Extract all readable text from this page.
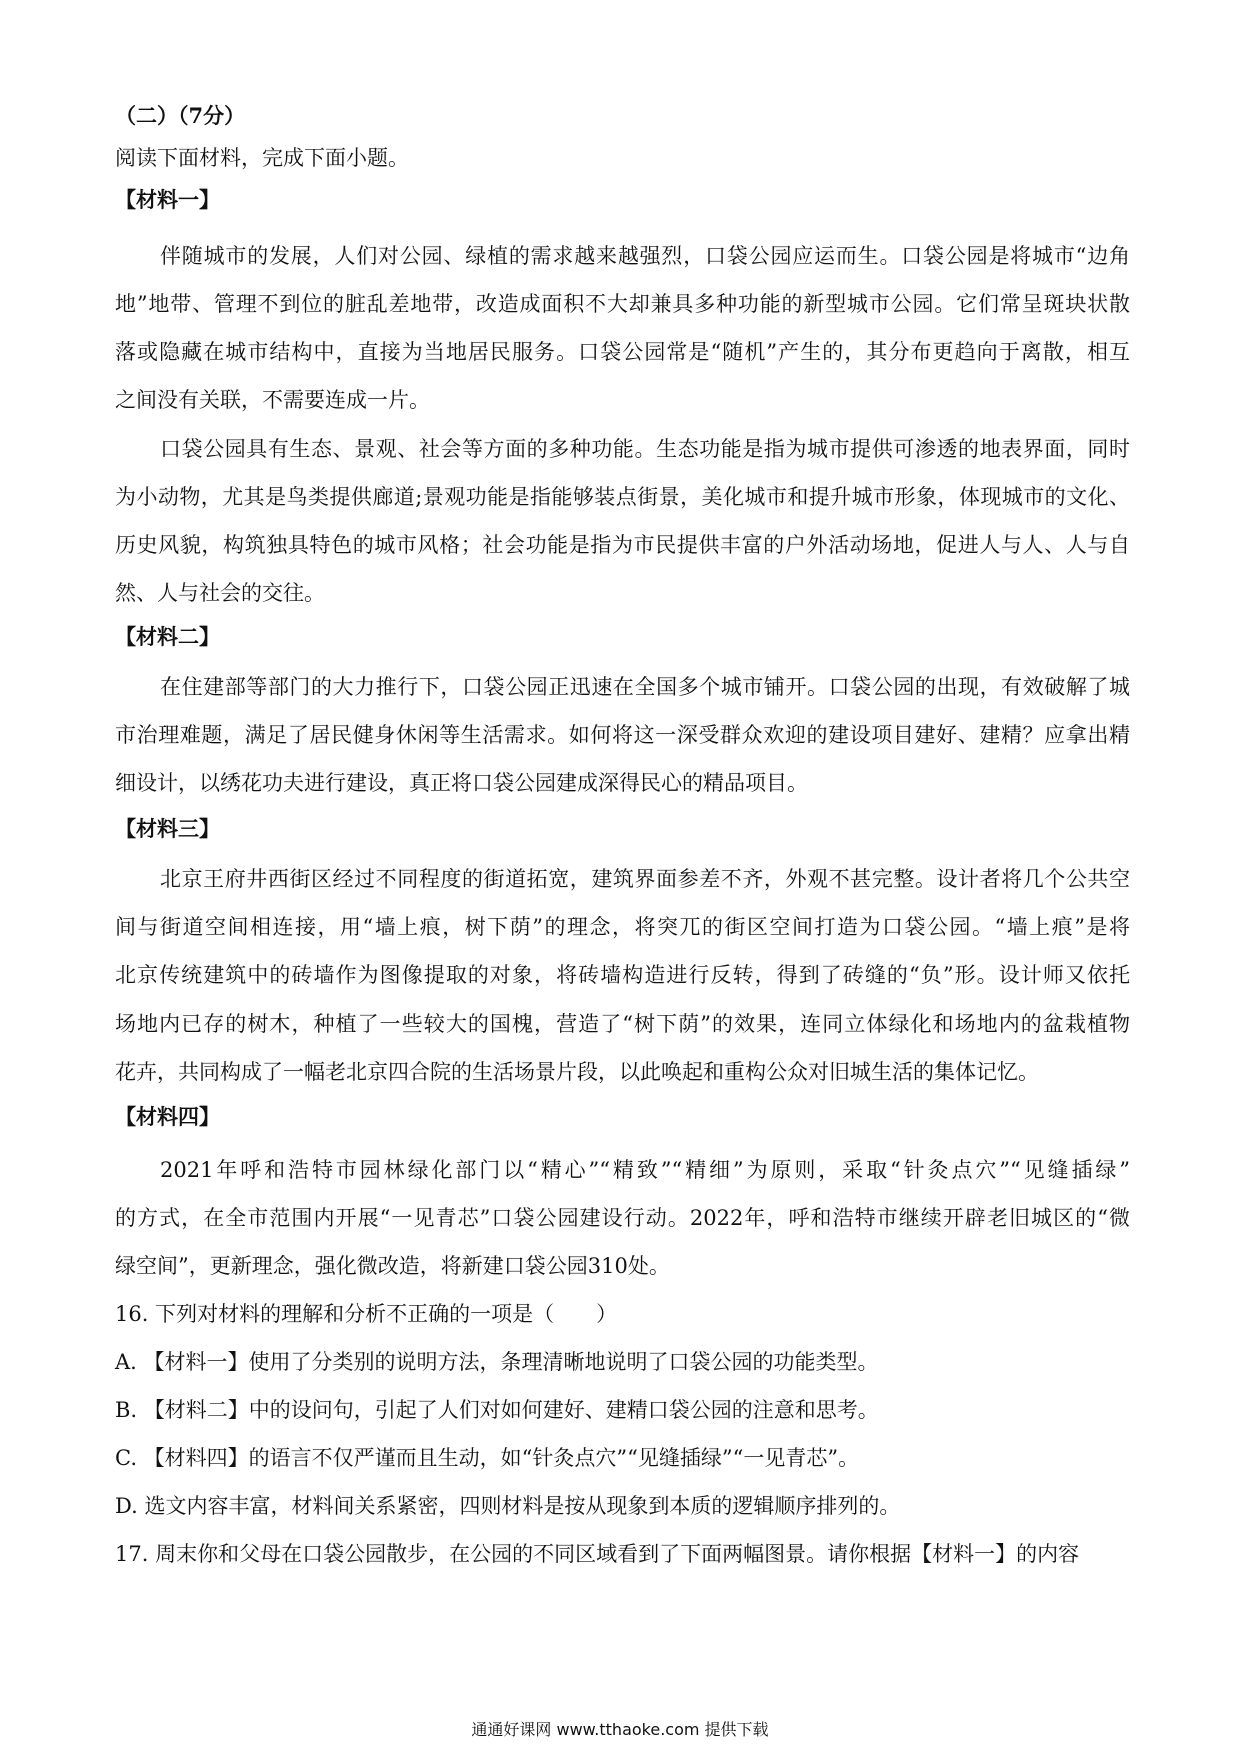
（二）（7分）
阅读下面材料，完成下面小题。
【材料一】
伴随城市的发展，人们对公园、绿植的需求越来越强烈，口袋公园应运而生。口袋公园是将城市“边角
地”地带、管理不到位的脏乱差地带，改造成面积不大却兼具多种功能的新型城市公园。它们常呈斑块状散
落或隐藏在城市结构中，直接为当地居民服务。口袋公园常是“随机”产生的，其分布更趋向于离散，相互
之间没有关联，不需要连成一片。
口袋公园具有生态、景观、社会等方面的多种功能。生态功能是指为城市提供可渗透的地表界面，同时
为小动物，尤其是鸟类提供廊道;景观功能是指能够装点街景，美化城市和提升城市形象，体现城市的文化、
历史风貌，构筑独具特色的城市风格；社会功能是指为市民提供丰富的户外活动场地，促进人与人、人与自
然、人与社会的交往。
【材料二】
在住建部等部门的大力推行下，口袋公园正迅速在全国多个城市铺开。口袋公园的出现，有效破解了城
市治理难题，满足了居民健身休闲等生活需求。如何将这一深受群众欢迎的建设项目建好、建精？应拿出精
细设计，以绣花功夫进行建设，真正将口袋公园建成深得民心的精品项目。
【材料三】
北京王府井西街区经过不同程度的街道拓宽，建筑界面参差不齐，外观不甚完整。设计者将几个公共空
间与街道空间相连接，用“墙上痕，树下荫”的理念，将突兀的街区空间打造为口袋公园。“墙上痕”是将
北京传统建筑中的砖墙作为图像提取的对象，将砖墙构造进行反转，得到了砖缝的“负”形。设计师又依托
场地内已存的树木，种植了一些较大的国槐，营造了“树下荫”的效果，连同立体绿化和场地内的盆栽植物
花卉，共同构成了一幅老北京四合院的生活场景片段，以此唤起和重构公众对旧城生活的集体记忆。
【材料四】
2021年呼和浩特市园林绿化部门以“精心”“精致”“精细”为原则，采取“针灸点穴”“见缝插绿”
的方式，在全市范围内开展“一见青芯”口袋公园建设行动。2022年，呼和浩特市继续开辟老旧城区的“微
绿空间”，更新理念，强化微改造，将新建口袋公园310处。
16. 下列对材料的理解和分析不正确的一项是（　　）
A. 【材料一】使用了分类别的说明方法，条理清晰地说明了口袋公园的功能类型。
B. 【材料二】中的设问句，引起了人们对如何建好、建精口袋公园的注意和思考。
C. 【材料四】的语言不仅严谨而且生动，如“针灸点穴”“见缝插绿”“一见青芯”。
D. 选文内容丰富，材料间关系紧密，四则材料是按从现象到本质的逻辑顺序排列的。
17. 周末你和父母在口袋公园散步，在公园的不同区域看到了下面两幅图景。请你根据【材料一】的内容
通通好课网 www.tthaoke.com 提供下载
